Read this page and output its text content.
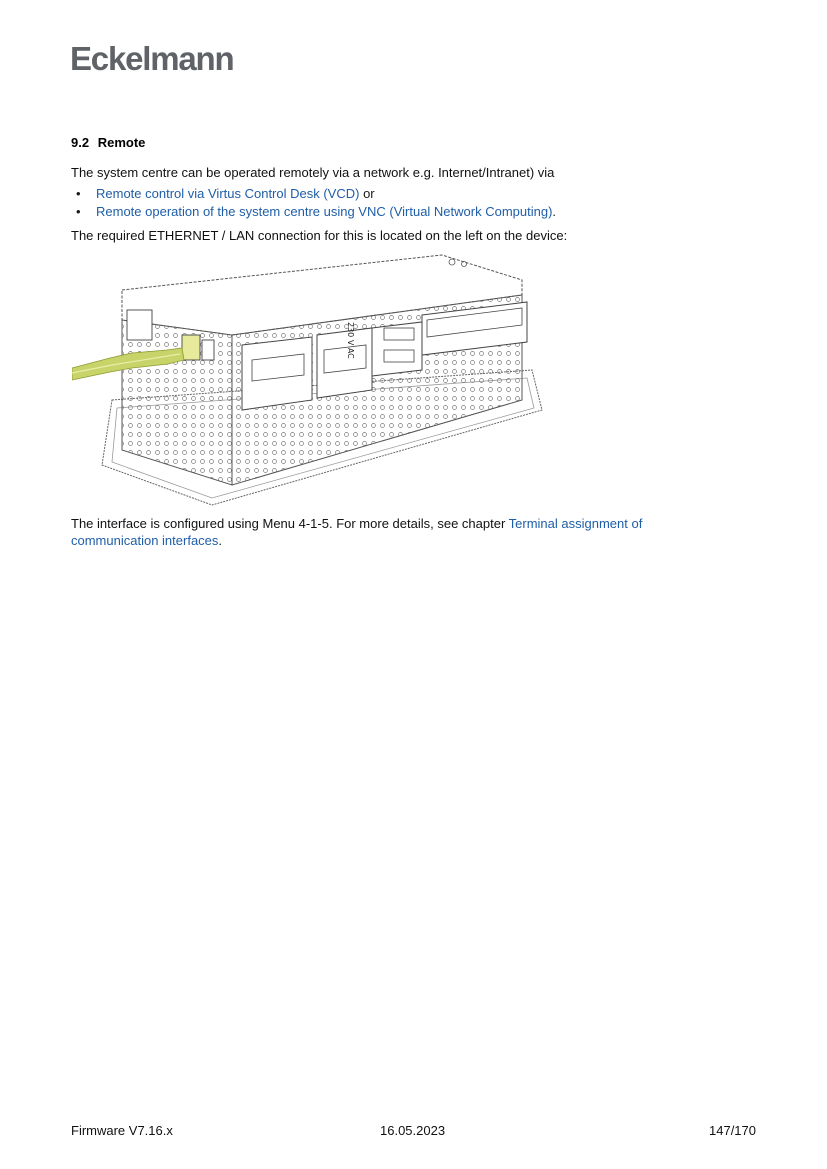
Eckelmann
9.2 Remote
The system centre can be operated remotely via a network e.g. Internet/Intranet) via
• Remote control via Virtus Control Desk (VCD) or
• Remote operation of the system centre using VNC (Virtual Network Computing).
The required ETHERNET / LAN connection for this is located on the left on the device:
230 V AC
The interface is configured using Menu 4-1-5. For more details, see chapter Terminal assignment of communication interfaces.
Firmware V7.16.x	16.05.2023	147/170
